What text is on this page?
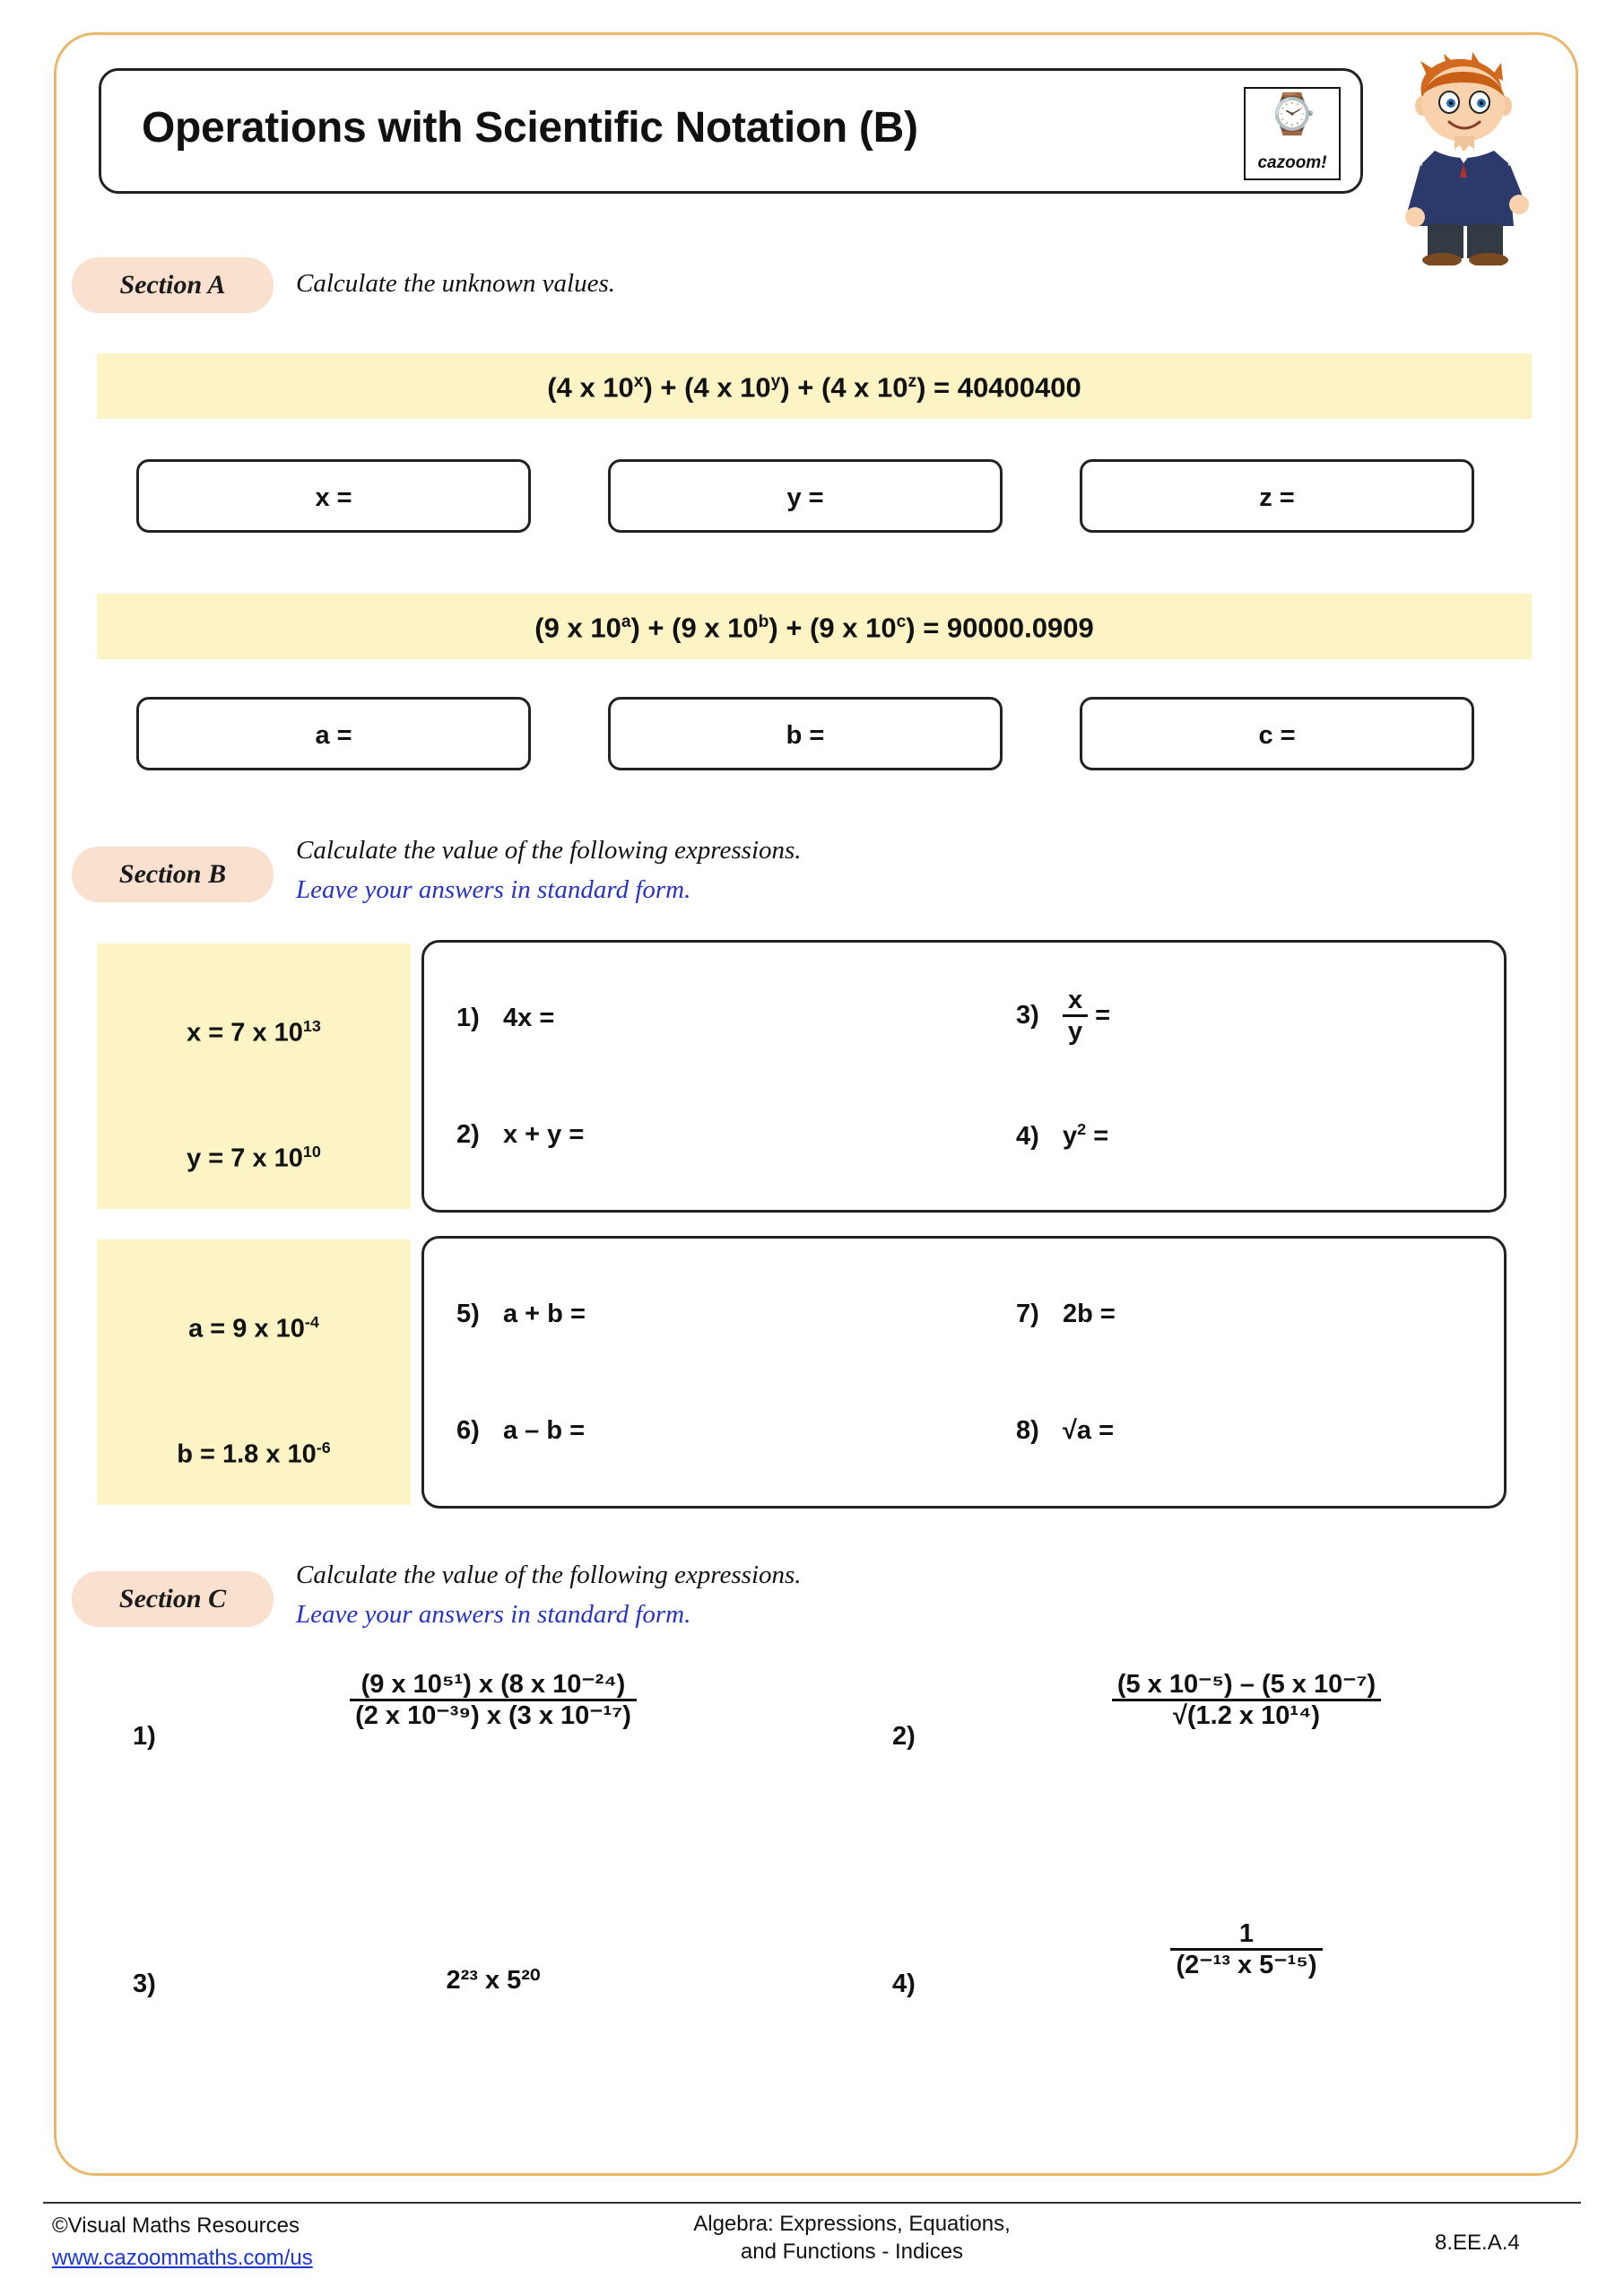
Operations with Scientific Notation (B)	⌚
cazoom!
Section A	Calculate the unknown values.
(4 x $10^x) + (4$ x $10^y) + (4$ x $10^z) = 40400400$
x =	y =	z =
(9 x $10^a) + (9$ x $10^b) + (9$ x $10^c) = 90000.0909$
a =	b =	c =
Section B
Calculate the value of the following expressions.
Leave your answers in standard form.
x = 7 x $10^{13}$
y = 7 x $10^{10}$
1) 4x =
2) x + y =
$3) \frac{x}{y}$ =
4) $y^2$ =
a = 9 x $10^{-4}$
b = 1.8 x $10^{-6}$
5) a + b =
6) a – b =
7) 2b =
8) √a =
Section C
Calculate the value of the following expressions.
Leave your answers in standard form.
1)
$\frac{\text{(9 x 10⁵¹) x (8 x 10⁻²⁴)}}{\text{(2 x 10⁻³⁹) x (3 x 10⁻¹⁷)}}$
2)
$\frac{\text{(5 x 10⁻⁵) – (5 x 10⁻⁷)}}{\text{√(1.2 x 10¹⁴)}}$
3)	2²³ x 5²⁰	4)
$\frac{1}{\text{(2⁻¹³ x 5⁻¹⁵)}}$
©Visual Maths Resources
www.cazoommaths.com/us
Algebra: Expressions, Equations,
and Functions - Indices	8.EE.A.4
